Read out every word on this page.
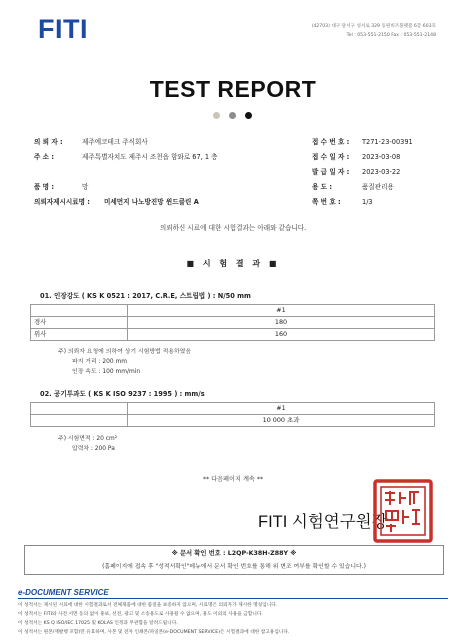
FITI	(42703) 대구 달서구 성서로 329 동원비즈플랫폼 6층 603호
Tel : 053-551-2150 Fax : 053-551-2148
TEST REPORT
의 뢰 자 :	제주에코테크 주식회사
주 소 :	제주특별자치도 제주시 조천읍 함와로 67, 1 층
품 명 :	망
의뢰자제시시료명 : 미세먼지 나노방진망 윈드클린 A
접 수 번 호 : T271-23-00391
접 수 일 자 : 2023-03-08
발 급 일 자 : 2023-03-22
용 도 :	품질관리용
쪽 번 호 :	1/3
의뢰하신 시료에 대한 시험결과는 아래와 같습니다.
■ 시 험 결 과 ■
01. 인장강도 ( KS K 0521 : 2017, C.R.E, 스트립법 ) : N/50 mm
	#1
경사	180
위사	160
주) 의뢰자 요청에 의하여 상기 시험방법 적용하였음
파지 거리 : 200 mm
인장 속도 : 100 mm/min
02. 공기투과도 ( KS K ISO 9237 : 1995 ) : mm/s
	#1
	10 000 초과
주) 시험면적 : 20 cm²
압력차 : 200 Pa
** 다음페이지 계속 **
FITI 시험연구원장
※ 문서 확인 번호 : L2QP-K38H-Z88Y ※
(홈페이지에 접속 후 "성적서확인"메뉴에서 문서 확인 번호를 통해 위 변조 여부를 확인할 수 있습니다.)
e-DOCUMENT SERVICE
이 성적서는 제시된 시료에 대한 시험결과로서 전체제품에 대한 품질을 보증하지 않으며, 시료명은 의뢰자가 제시한 명칭입니다.
이 성적서는 FITI와 사전 서면 동의 없이 홍보, 선전, 광고 및 소송용도로 사용될 수 없으며, 용도 이외의 사용을 금합니다.
이 성적서는 KS Q ISO/IEC 17025 및 KOLAS 인정과 무관함을 알려드립니다.
이 성적서는 원본/재발행 포함)만 유효하며, 사본 및 전자 인쇄본/파일본(e-DOCUMENT SERVICE)은 시험결과에 대한 참고용입니다.
